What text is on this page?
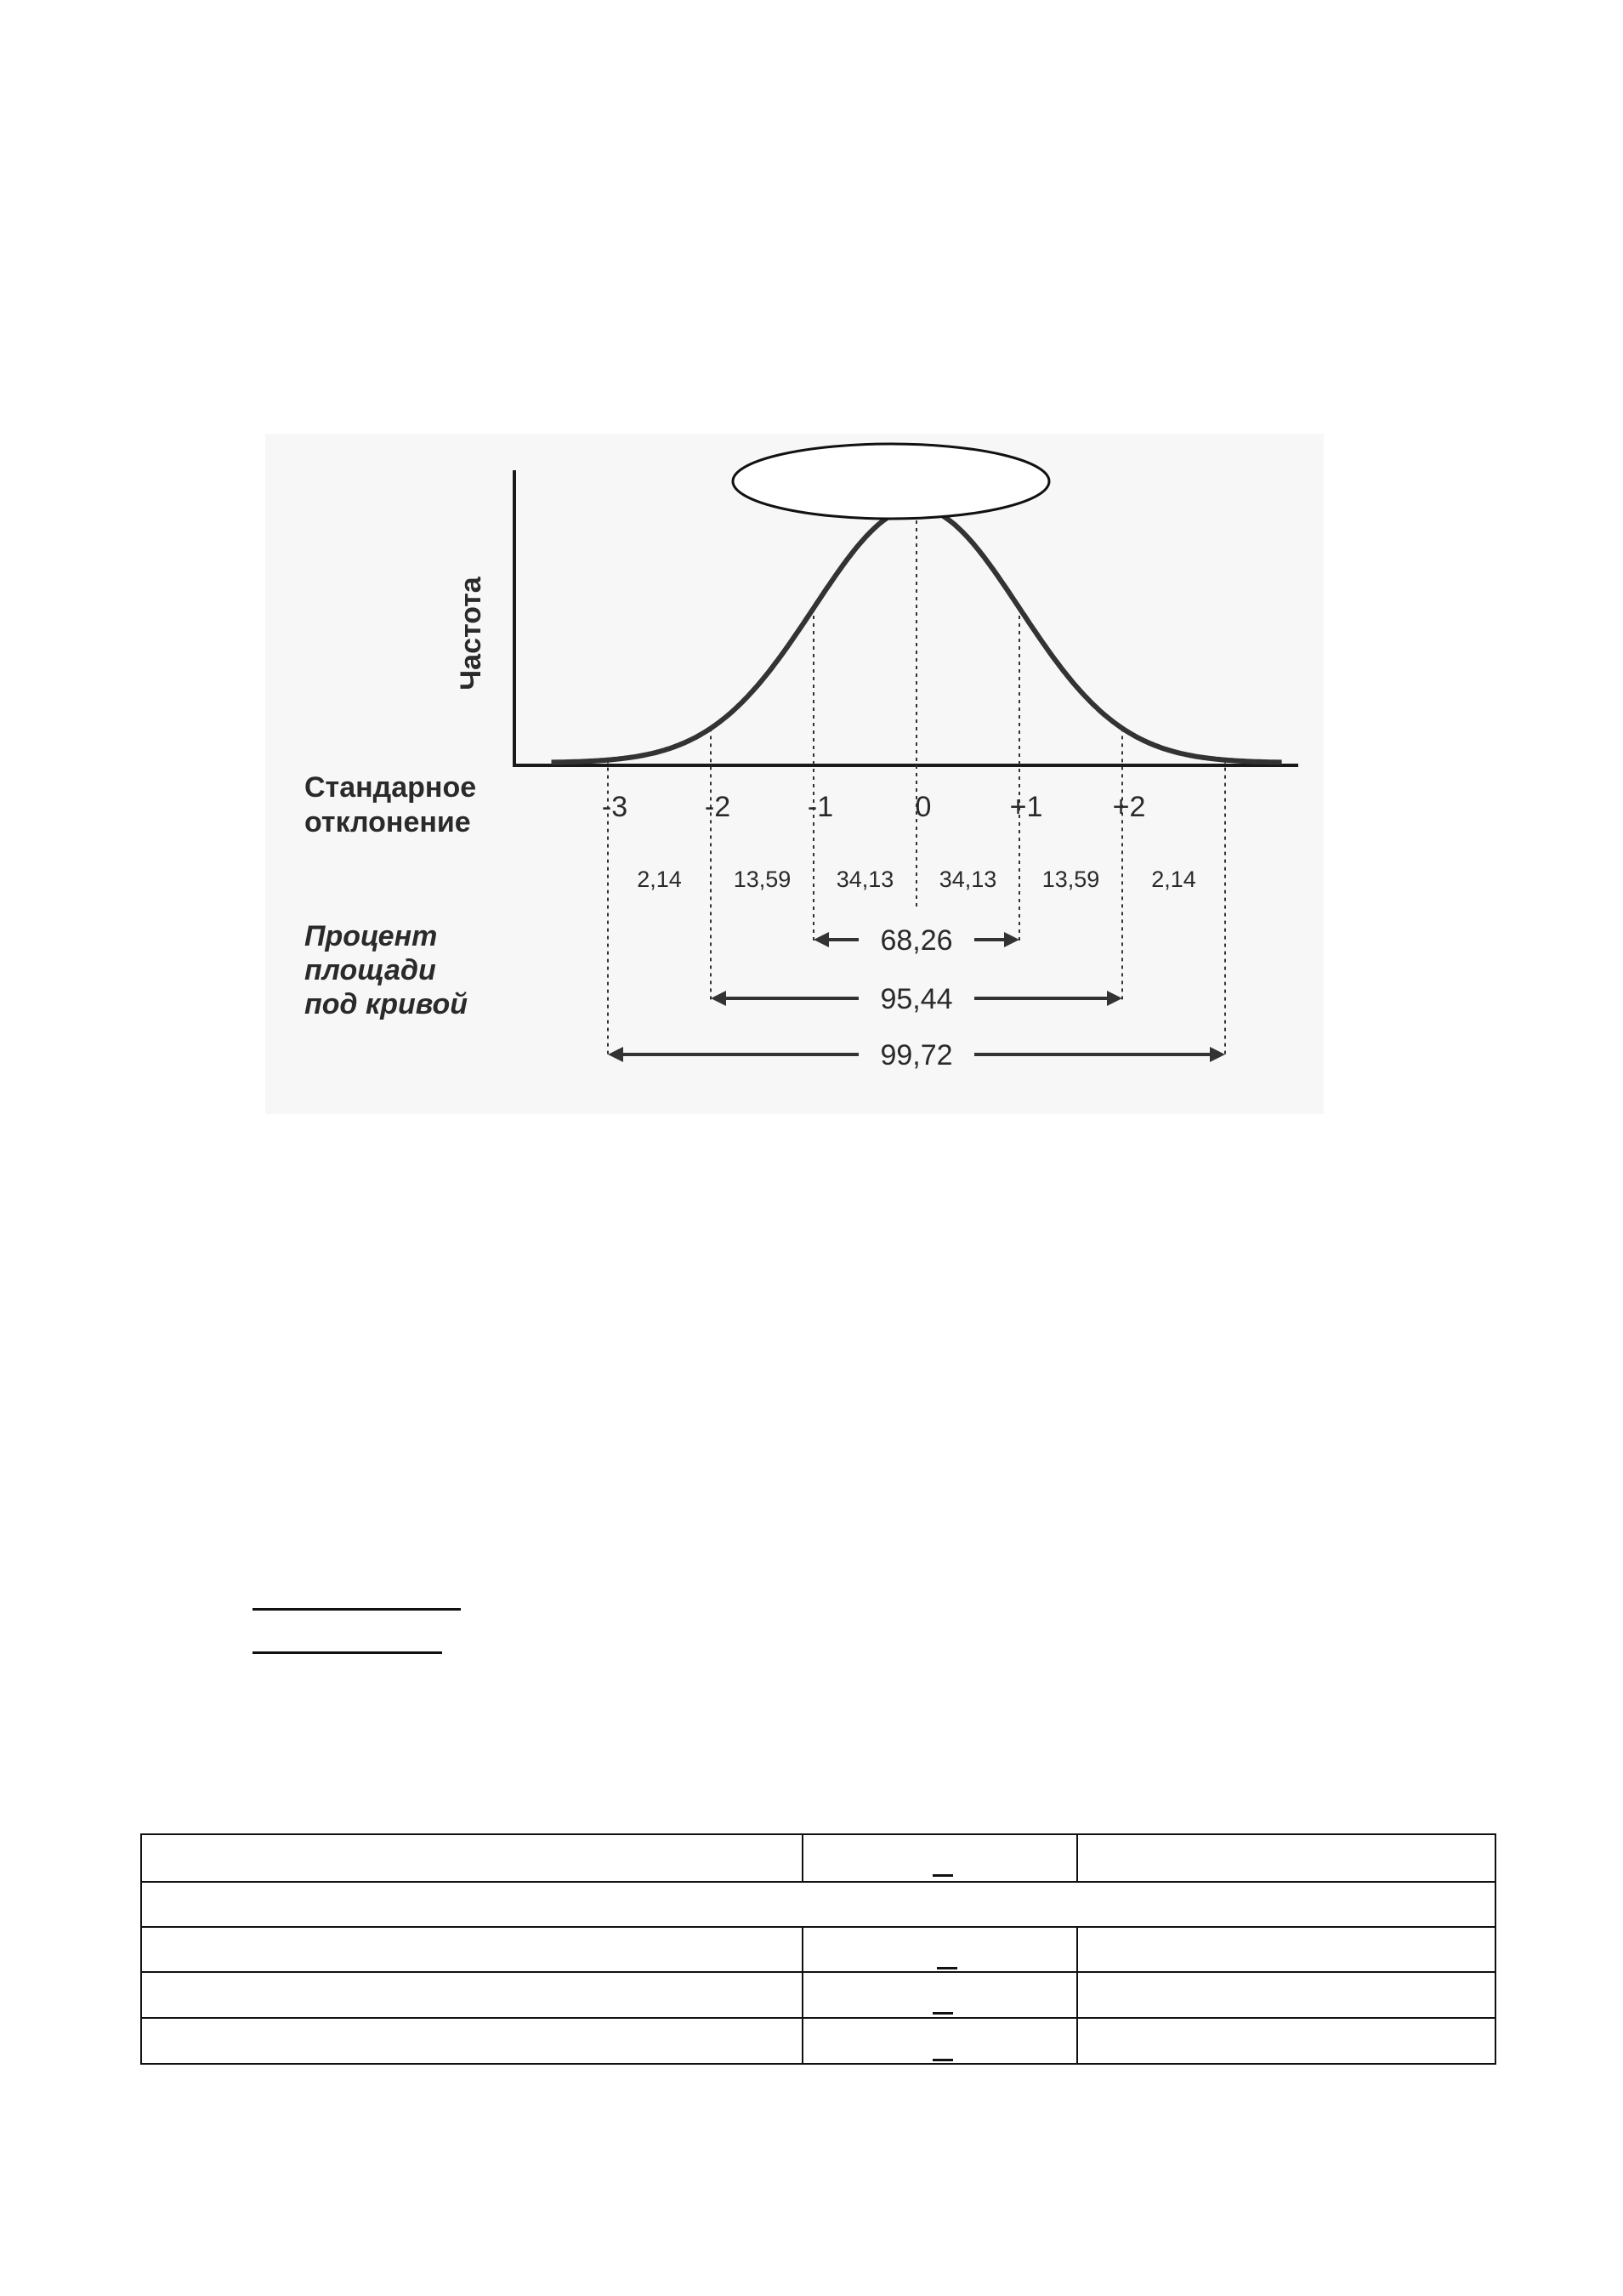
Частота
Стандарное
отклонение
Процент
площади
под кривой
-3	-2	-1	0	+1 +2
2,14 13,59 34,13 34,13 13,59 2,14
68,26
95,44
99,72
